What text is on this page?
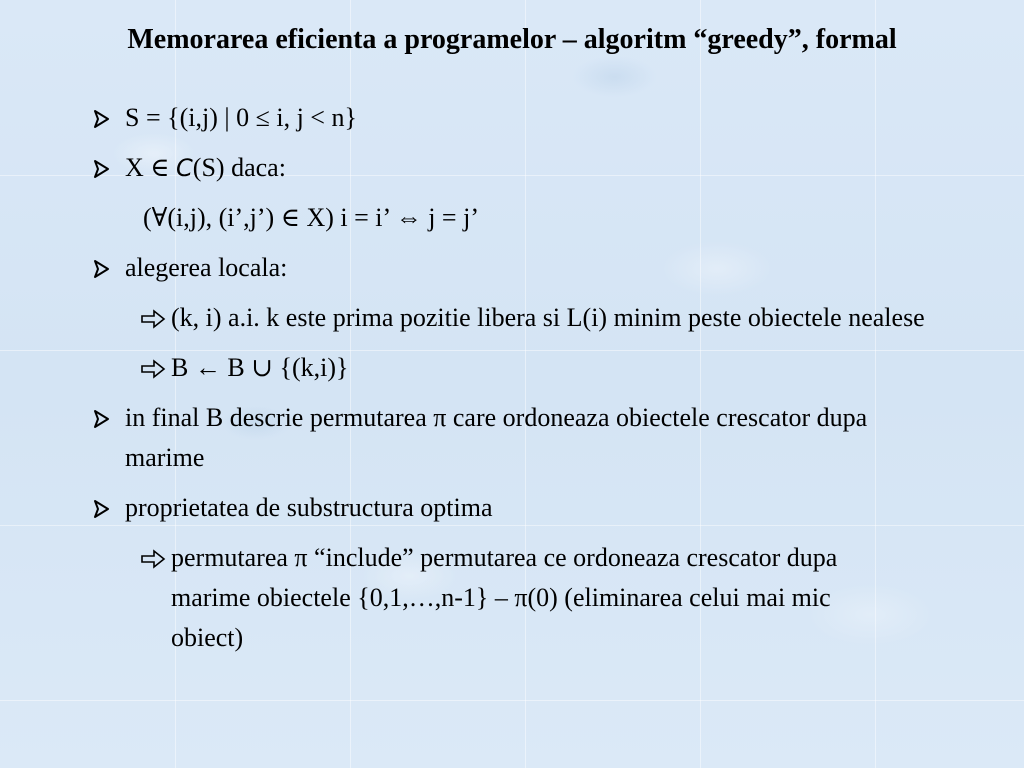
Memorarea eficienta a programelor – algoritm “greedy”, formal
S = {(i,j) | 0 ≤ i, j < n}
X ∈ C(S) daca:
(∀(i,j), (i’,j’) ∈ X) i = i’ ⇔ j = j’
alegerea locala:
(k, i) a.i. k este prima pozitie libera si L(i) minim peste obiectele nealese
B ← B ∪ {(k,i)}
in final B descrie permutarea π care ordoneaza obiectele crescator dupa marime
proprietatea de substructura optima
permutarea π “include” permutarea ce ordoneaza crescator dupa marime obiectele {0,1,…,n-1} – π(0) (eliminarea celui mai mic obiect)
